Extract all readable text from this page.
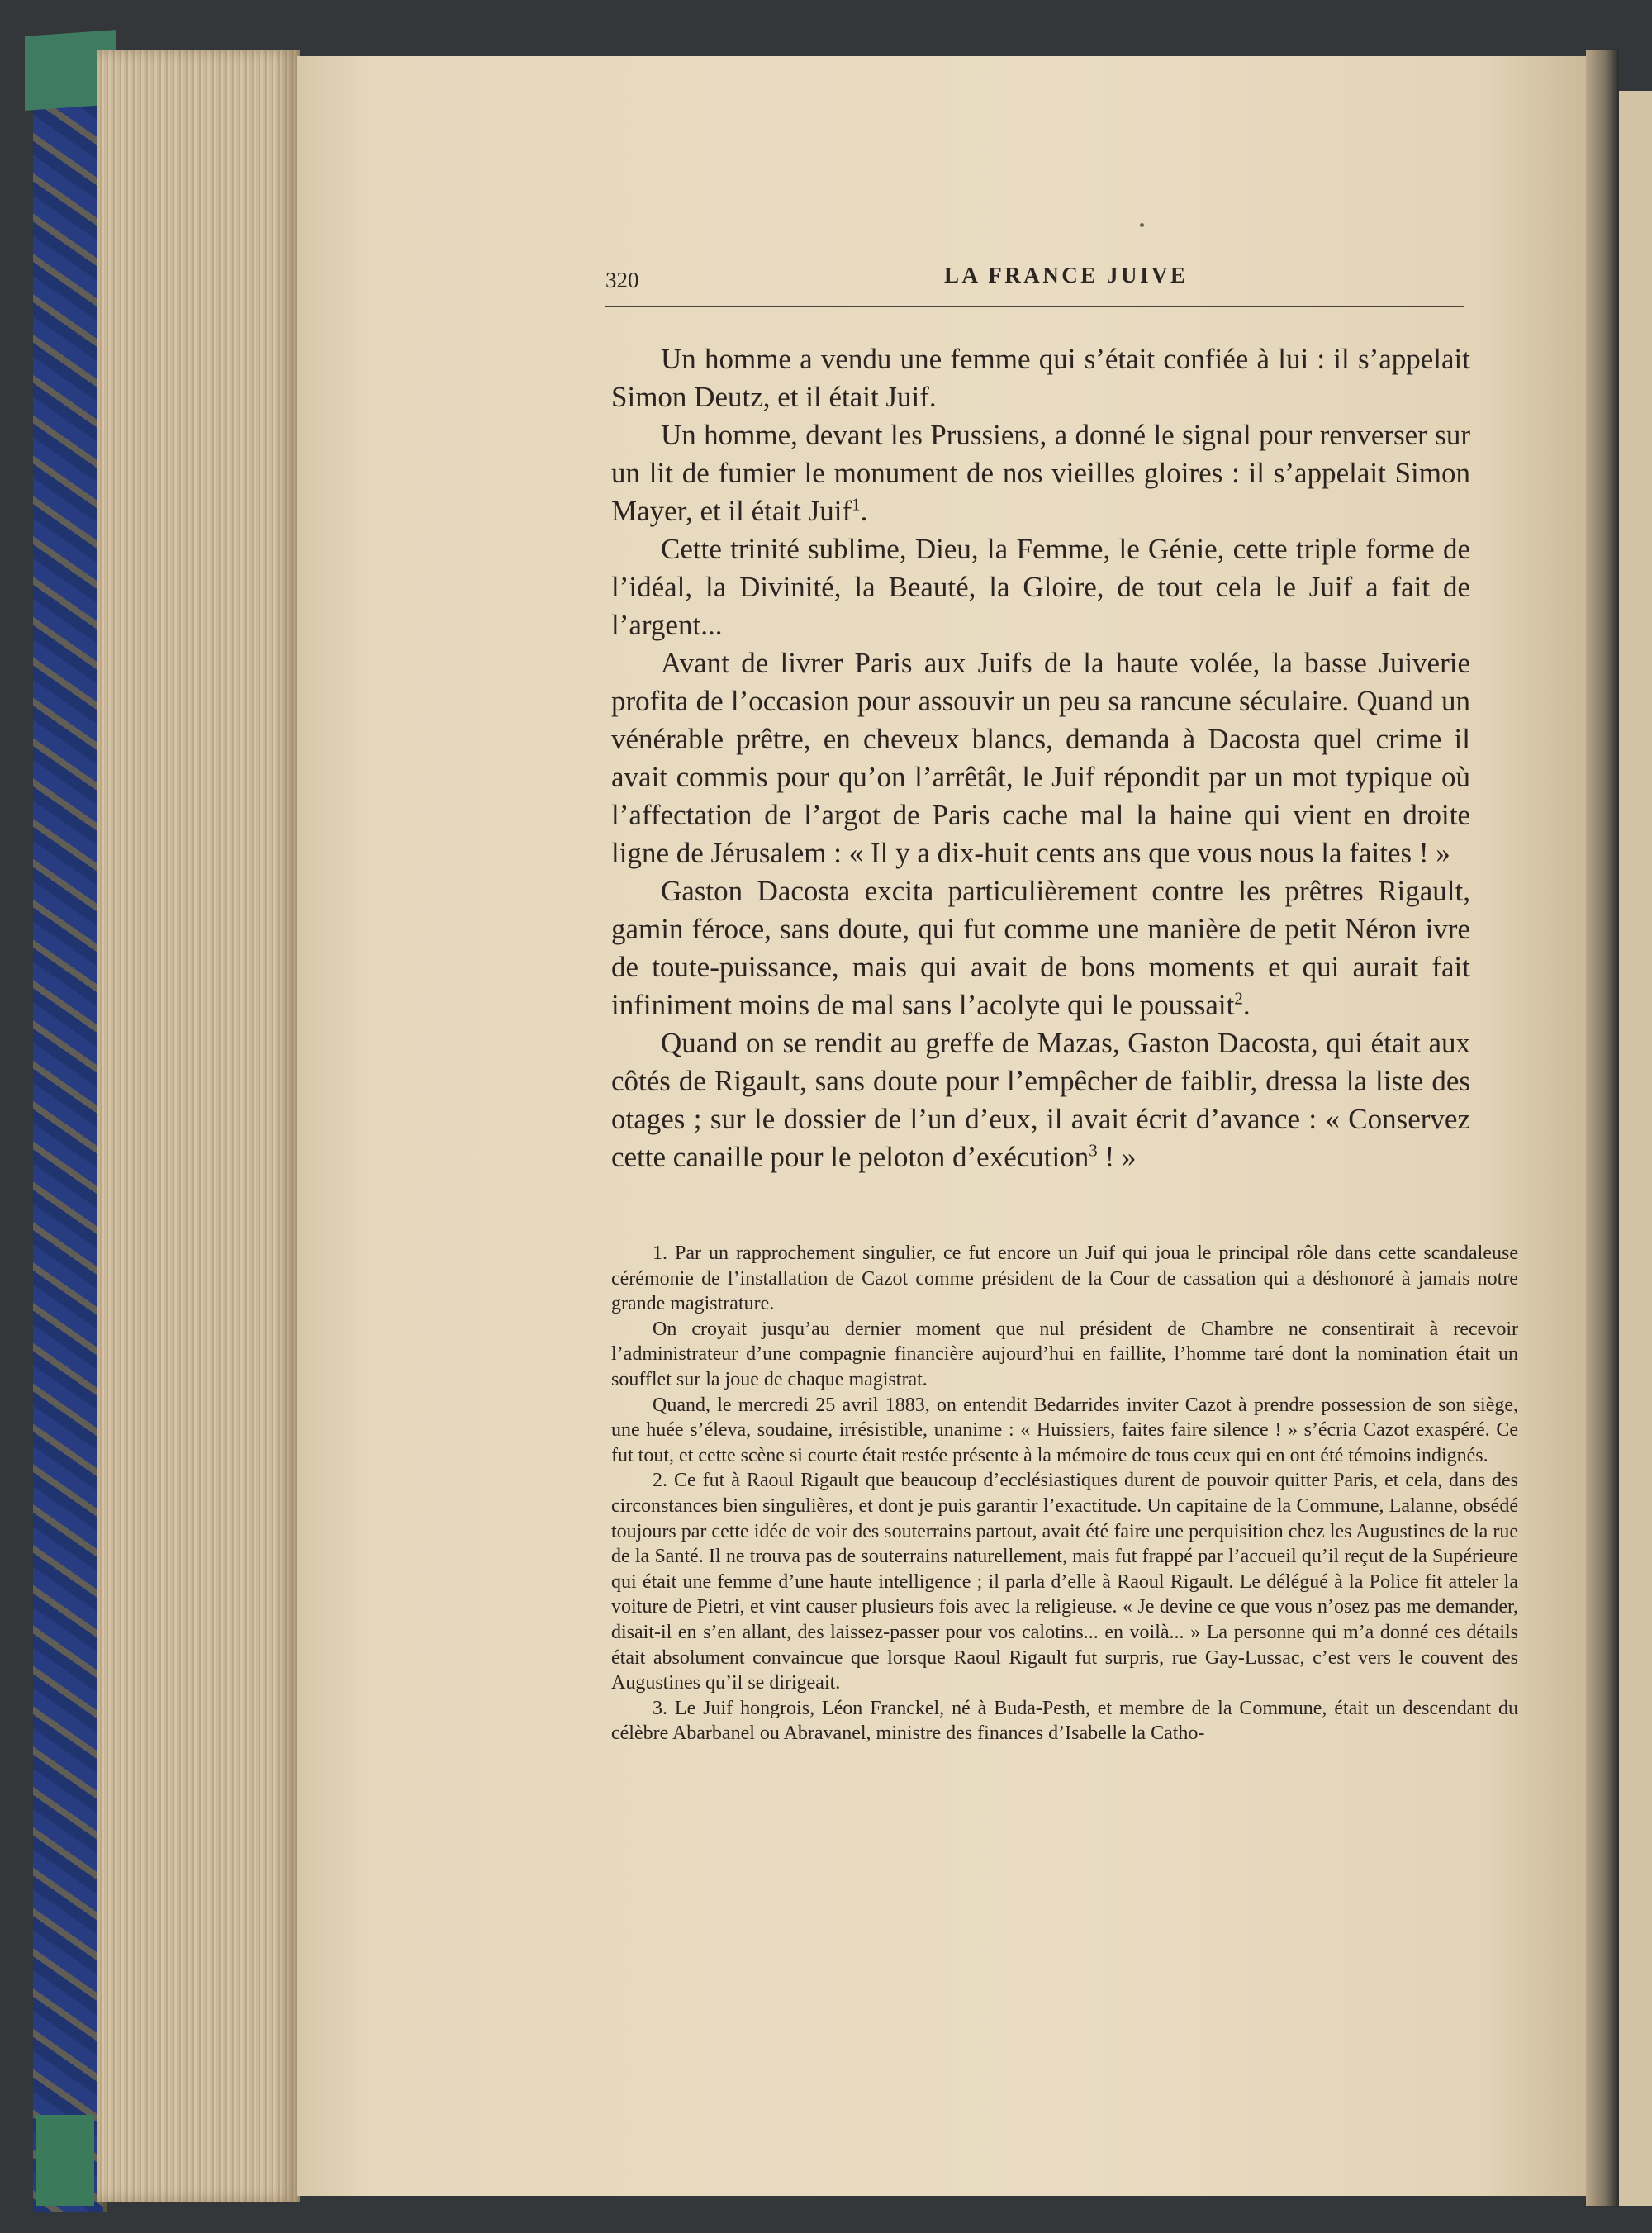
320	LA FRANCE JUIVE

Un homme a vendu une femme qui s’était confiée à lui : il s’appelait Simon Deutz, et il était Juif.

Un homme, devant les Prussiens, a donné le signal pour renverser sur un lit de fumier le monument de nos vieilles gloires : il s’appelait Simon Mayer, et il était Juif$^1$.

Cette trinité sublime, Dieu, la Femme, le Génie, cette triple forme de l’idéal, la Divinité, la Beauté, la Gloire, de tout cela le Juif a fait de l’argent...

Avant de livrer Paris aux Juifs de la haute volée, la basse Juiverie profita de l’occasion pour assouvir un peu sa rancune séculaire. Quand un vénérable prêtre, en cheveux blancs, demanda à Dacosta quel crime il avait commis pour qu’on l’arrêtât, le Juif répondit par un mot typique où l’affectation de l’argot de Paris cache mal la haine qui vient en droite ligne de Jérusalem : « Il y a dix-huit cents ans que vous nous la faites ! »

Gaston Dacosta excita particulièrement contre les prêtres Rigault, gamin féroce, sans doute, qui fut comme une manière de petit Néron ivre de toute-puissance, mais qui avait de bons moments et qui aurait fait infiniment moins de mal sans l’acolyte qui le poussait$^2$.

Quand on se rendit au greffe de Mazas, Gaston Dacosta, qui était aux côtés de Rigault, sans doute pour l’empêcher de faiblir, dressa la liste des otages ; sur le dossier de l’un d’eux, il avait écrit d’avance : « Conservez cette canaille pour le peloton d’exécution$^3$ ! »

1. Par un rapprochement singulier, ce fut encore un Juif qui joua le principal rôle dans cette scandaleuse cérémonie de l’installation de Cazot comme président de la Cour de cassation qui a déshonoré à jamais notre grande magistrature.

On croyait jusqu’au dernier moment que nul président de Chambre ne consentirait à recevoir l’administrateur d’une compagnie financière aujourd’hui en faillite, l’homme taré dont la nomination était un soufflet sur la joue de chaque magistrat.

Quand, le mercredi 25 avril 1883, on entendit Bedarrides inviter Cazot à prendre possession de son siège, une huée s’éleva, soudaine, irrésistible, unanime : « Huissiers, faites faire silence ! » s’écria Cazot exaspéré. Ce fut tout, et cette scène si courte était restée présente à la mémoire de tous ceux qui en ont été témoins indignés.

2. Ce fut à Raoul Rigault que beaucoup d’ecclésiastiques durent de pouvoir quitter Paris, et cela, dans des circonstances bien singulières, et dont je puis garantir l’exactitude. Un capitaine de la Commune, Lalanne, obsédé toujours par cette idée de voir des souterrains partout, avait été faire une perquisition chez les Augustines de la rue de la Santé. Il ne trouva pas de souterrains naturellement, mais fut frappé par l’accueil qu’il reçut de la Supérieure qui était une femme d’une haute intelligence ; il parla d’elle à Raoul Rigault. Le délégué à la Police fit atteler la voiture de Pietri, et vint causer plusieurs fois avec la religieuse. « Je devine ce que vous n’osez pas me demander, disait-il en s’en allant, des laissez-passer pour vos calotins... en voilà... » La personne qui m’a donné ces détails était absolument convaincue que lorsque Raoul Rigault fut surpris, rue Gay-Lussac, c’est vers le couvent des Augustines qu’il se dirigeait.

3. Le Juif hongrois, Léon Franckel, né à Buda-Pesth, et membre de la Commune, était un descendant du célèbre Abarbanel ou Abravanel, ministre des finances d’Isabelle la Catho-
